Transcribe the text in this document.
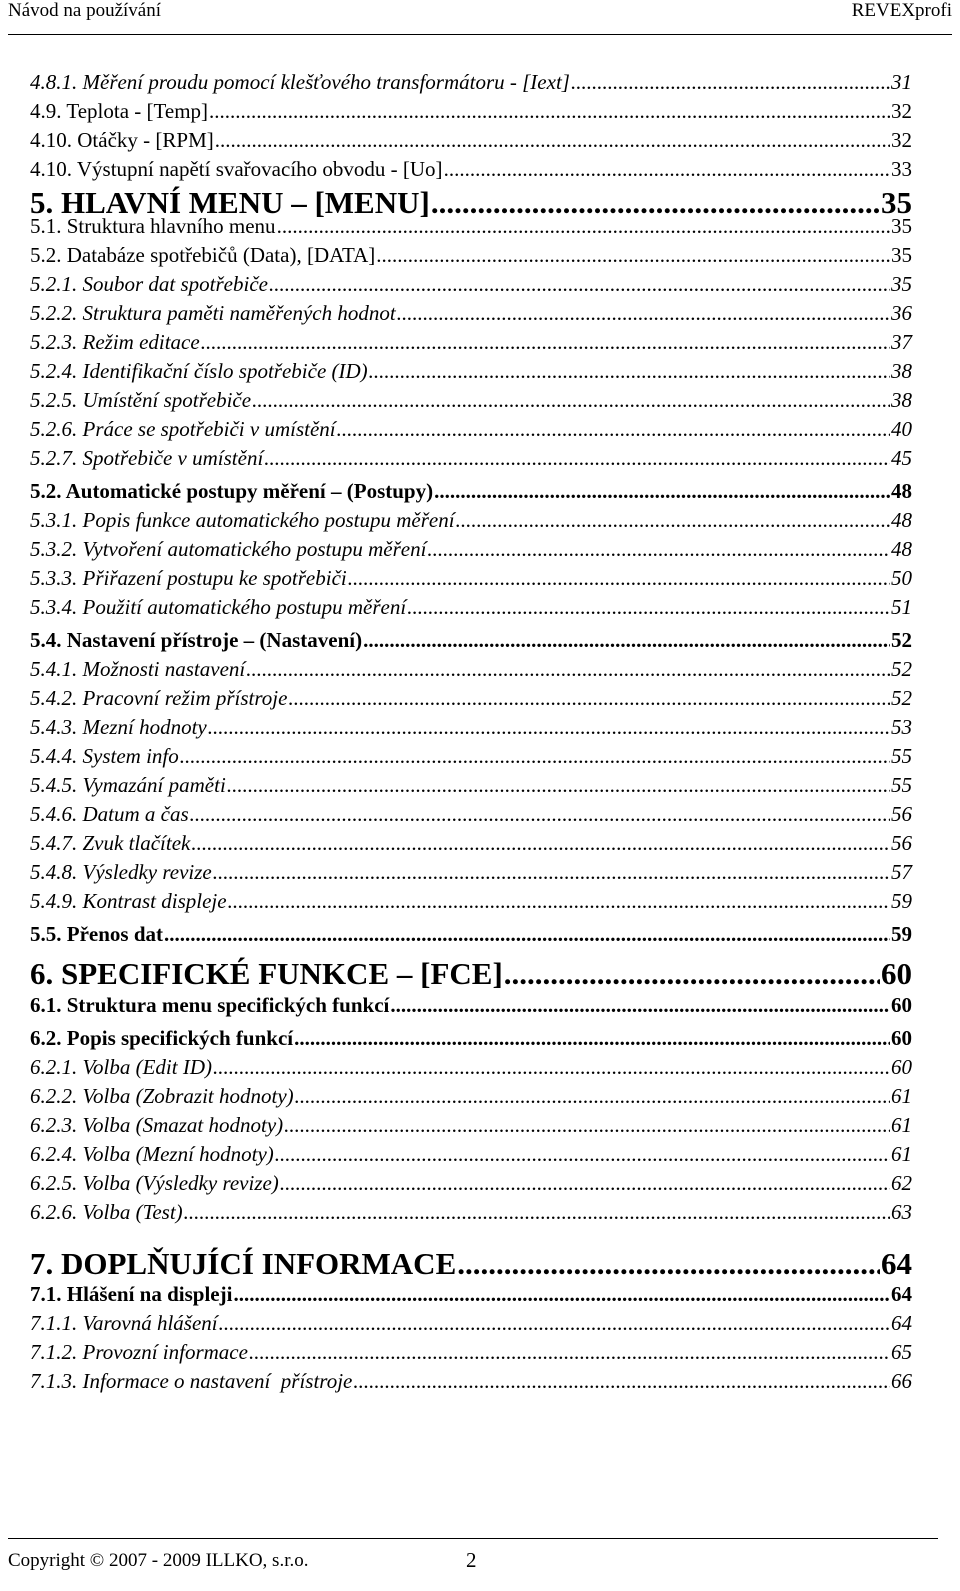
Návod na používání	REVEXprofi
4.8.1. Měření proudu pomocí klešťového transformátoru - [Iext] .....	31
4.9. Teplota - [Temp] .....	32
4.10. Otáčky - [RPM] .....	32
4.10. Výstupní napětí svařovacího obvodu - [Uo] .....	33
5. HLAVNÍ MENU – [MENU] .....	35
5.1. Struktura hlavního menu .....	35
5.2. Databáze spotřebičů (Data), [DATA] .....	35
5.2.1. Soubor dat spotřebiče .....	35
5.2.2. Struktura paměti naměřených hodnot .....	36
5.2.3. Režim editace .....	37
5.2.4. Identifikační číslo spotřebiče (ID) .....	38
5.2.5. Umístění spotřebiče .....	38
5.2.6. Práce se spotřebiči v umístění .....	40
5.2.7. Spotřebiče v umístění .....	45
5.2. Automatické postupy měření – (Postupy) .....	48
5.3.1. Popis funkce automatického postupu měření .....	48
5.3.2. Vytvoření automatického postupu měření .....	48
5.3.3. Přiřazení postupu ke spotřebiči .....	50
5.3.4. Použití automatického postupu měření .....	51
5.4. Nastavení přístroje – (Nastavení) .....	52
5.4.1. Možnosti nastavení .....	52
5.4.2. Pracovní režim přístroje .....	52
5.4.3. Mezní hodnoty .....	53
5.4.4. System info .....	55
5.4.5. Vymazání paměti .....	55
5.4.6. Datum a čas .....	56
5.4.7. Zvuk tlačítek .....	56
5.4.8. Výsledky revize .....	57
5.4.9. Kontrast displeje .....	59
5.5. Přenos dat .....	59
6. SPECIFICKÉ FUNKCE – [FCE] .....	60
6.1. Struktura menu specifických funkcí .....	60
6.2. Popis specifických funkcí .....	60
6.2.1. Volba (Edit ID) .....	60
6.2.2. Volba (Zobrazit hodnoty) .....	61
6.2.3. Volba (Smazat hodnoty) .....	61
6.2.4. Volba (Mezní hodnoty) .....	61
6.2.5. Volba (Výsledky revize) .....	62
6.2.6. Volba (Test) .....	63
7. DOPLŇUJÍCÍ INFORMACE .....	64
7.1. Hlášení na displeji .....	64
7.1.1. Varovná hlášení .....	64
7.1.2. Provozní informace .....	65
7.1.3. Informace o nastavení  přístroje .....	66
Copyright © 2007 - 2009 ILLKO, s.r.o.	2
